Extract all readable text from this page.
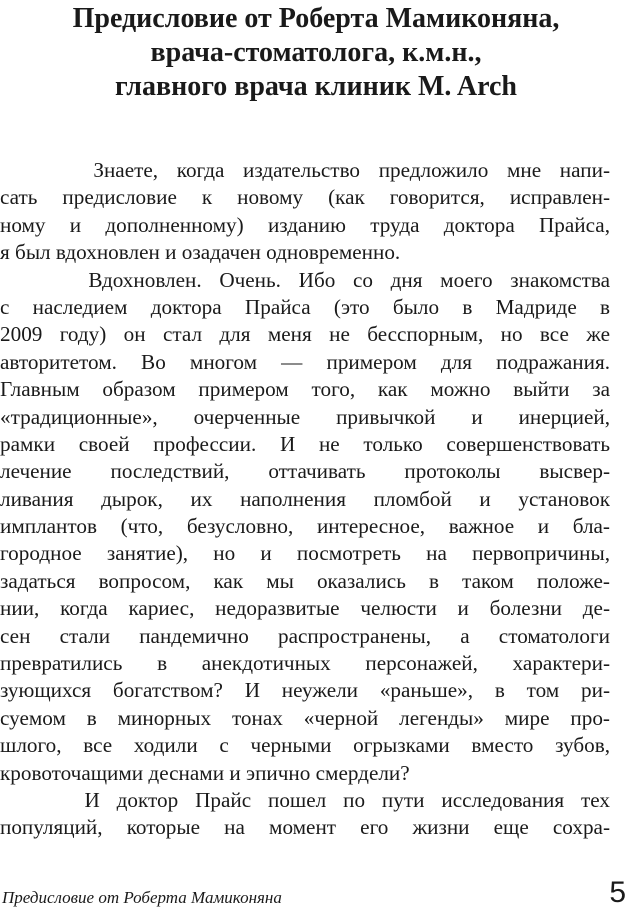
Предисловие от Роберта Мамиконяна,
врача-стоматолога, к.м.н.,
главного врача клиник M. Arch
Знаете, когда издательство предложило мне напи-
сать предисловие к новому (как говорится, исправлен-
ному и дополненному) изданию труда доктора Прайса,
я был вдохновлен и озадачен одновременно.
Вдохновлен. Очень. Ибо со дня моего знакомства
с наследием доктора Прайса (это было в Мадриде в
2009 году) он стал для меня не бесспорным, но все же
авторитетом. Во многом — примером для подражания.
Главным образом примером того, как можно выйти за
«традиционные», очерченные привычкой и инерцией,
рамки своей профессии. И не только совершенствовать
лечение последствий, оттачивать протоколы высвер-
ливания дырок, их наполнения пломбой и установок
имплантов (что, безусловно, интересное, важное и бла-
городное занятие), но и посмотреть на первопричины,
задаться вопросом, как мы оказались в таком положе-
нии, когда кариес, недоразвитые челюсти и болезни де-
сен стали пандемично распространены, а стоматологи
превратились в анекдотичных персонажей, характери-
зующихся богатством? И неужели «раньше», в том ри-
суемом в минорных тонах «черной легенды» мире про-
шлого, все ходили с черными огрызками вместо зубов,
кровоточащими деснами и эпично смердели?
И доктор Прайс пошел по пути исследования тех
популяций, которые на момент его жизни еще сохра-
Предисловие от Роберта Мамиконяна	5
